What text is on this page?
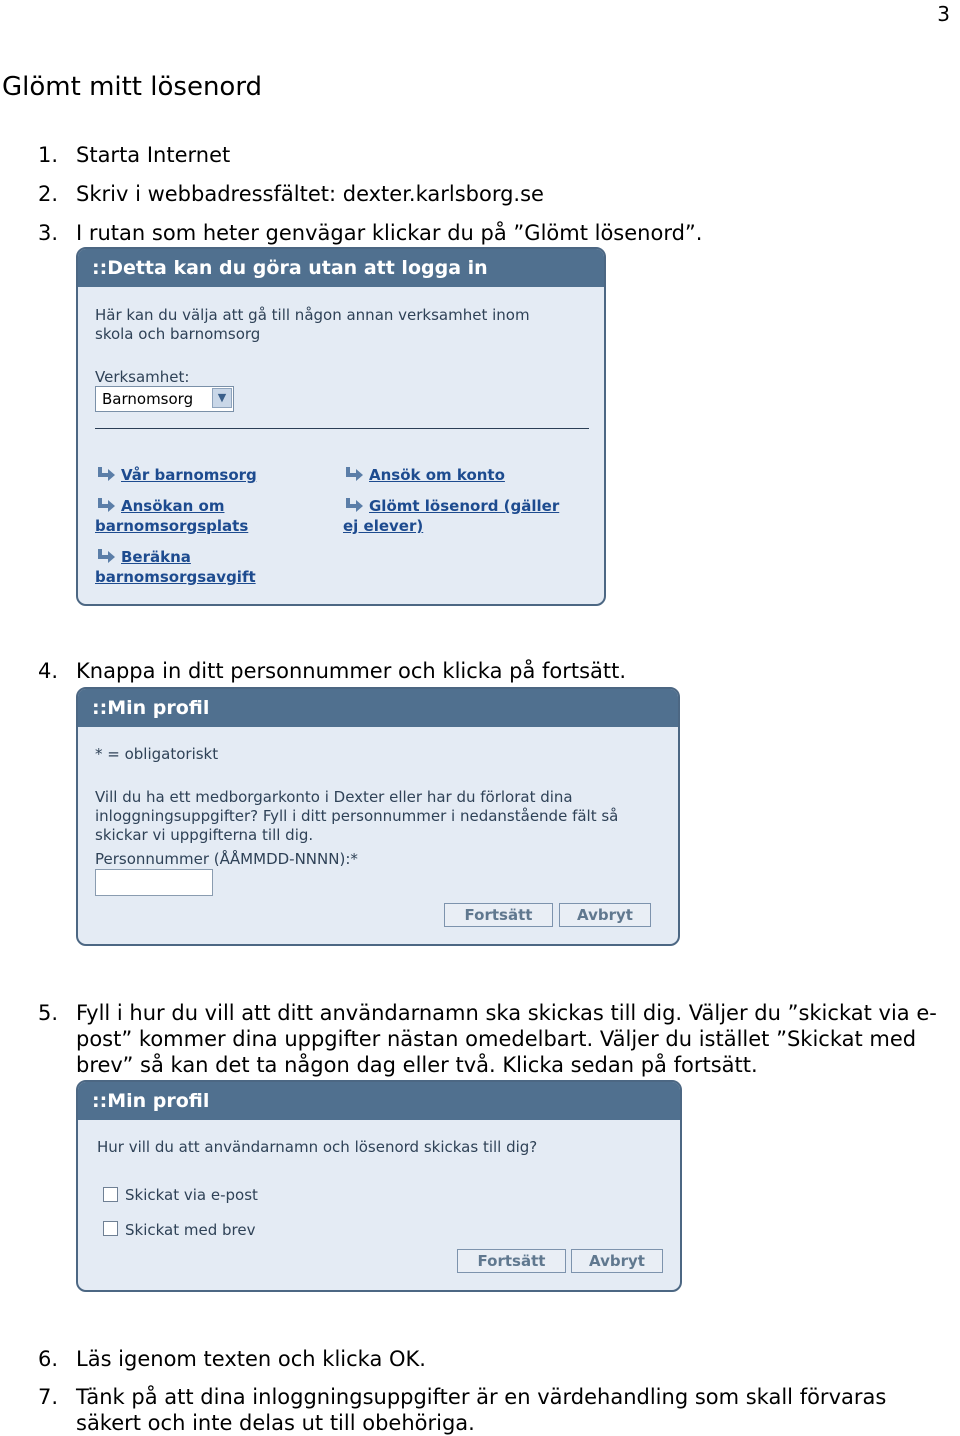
3
Glömt mitt lösenord
1. Starta Internet
2. Skriv i webbadressfältet: dexter.karlsborg.se
3. I rutan som heter genvägar klickar du på ”Glömt lösenord”.
::Detta kan du göra utan att logga in
Här kan du välja att gå till någon annan verksamhet inom
skola och barnomsorg
Verksamhet:
Barnomsorg	▼
Vår barnomsorg
Ansökan om
barnomsorgsplats
Beräkna
barnomsorgsavgift
Ansök om konto
Glömt lösenord (gäller
ej elever)
4. Knappa in ditt personnummer och klicka på fortsätt.
::Min profil
* = obligatoriskt
Vill du ha ett medborgarkonto i Dexter eller har du förlorat dina
inloggningsuppgifter? Fyll i ditt personnummer i nedanstående fält så
skickar vi uppgifterna till dig.
Personnummer (ÅÅMMDD-NNNN):*
Fortsätt	Avbryt
5. Fyll i hur du vill att ditt användarnamn ska skickas till dig. Väljer du ”skickat via e-
post” kommer dina uppgifter nästan omedelbart. Väljer du istället ”Skickat med
brev” så kan det ta någon dag eller två. Klicka sedan på fortsätt.
::Min profil
Hur vill du att användarnamn och lösenord skickas till dig?
Skickat via e-post
Skickat med brev
Fortsätt	Avbryt
6. Läs igenom texten och klicka OK.
7. Tänk på att dina inloggningsuppgifter är en värdehandling som skall förvaras
säkert och inte delas ut till obehöriga.
